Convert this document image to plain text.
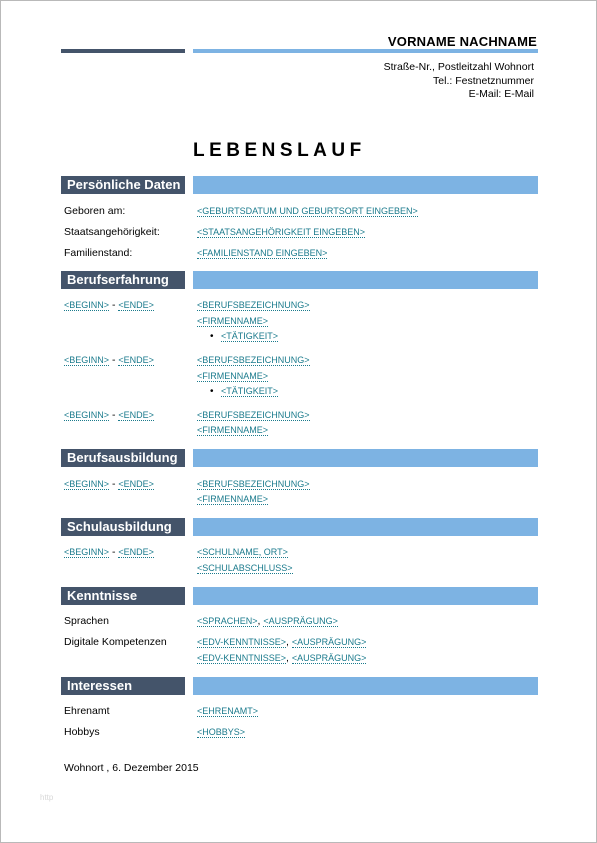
VORNAME NACHNAME
Straße-Nr., Postleitzahl Wohnort
Tel.: Festnetznummer
E-Mail: E-Mail
LEBENSLAUF
Persönliche Daten
Geboren am:	<GEBURTSDATUM UND GEBURTSORT EINGEBEN>
Staatsangehörigkeit:	<STAATSANGEHÖRIGKEIT EINGEBEN>
Familienstand:	<FAMILIENSTAND EINGEBEN>
Berufserfahrung
<BEGINN> - <ENDE>	<BERUFSBEZEICHNUNG>
<FIRMENNAME>
• <TÄTIGKEIT>
<BEGINN> - <ENDE>	<BERUFSBEZEICHNUNG>
<FIRMENNAME>
• <TÄTIGKEIT>
<BEGINN> - <ENDE>	<BERUFSBEZEICHNUNG>
<FIRMENNAME>
Berufsausbildung
<BEGINN> - <ENDE>	<BERUFSBEZEICHNUNG>
<FIRMENNAME>
Schulausbildung
<BEGINN> - <ENDE>	<SCHULNAME, ORT>
<SCHULABSCHLUSS>
Kenntnisse
Sprachen	<SPRACHEN>, <AUSPRÄGUNG>
Digitale Kompetenzen	<EDV-KENNTNISSE>, <AUSPRÄGUNG>
<EDV-KENNTNISSE>, <AUSPRÄGUNG>
Interessen
Ehrenamt	<EHRENAMT>
Hobbys	<HOBBYS>
Wohnort , 6. Dezember 2015
http
